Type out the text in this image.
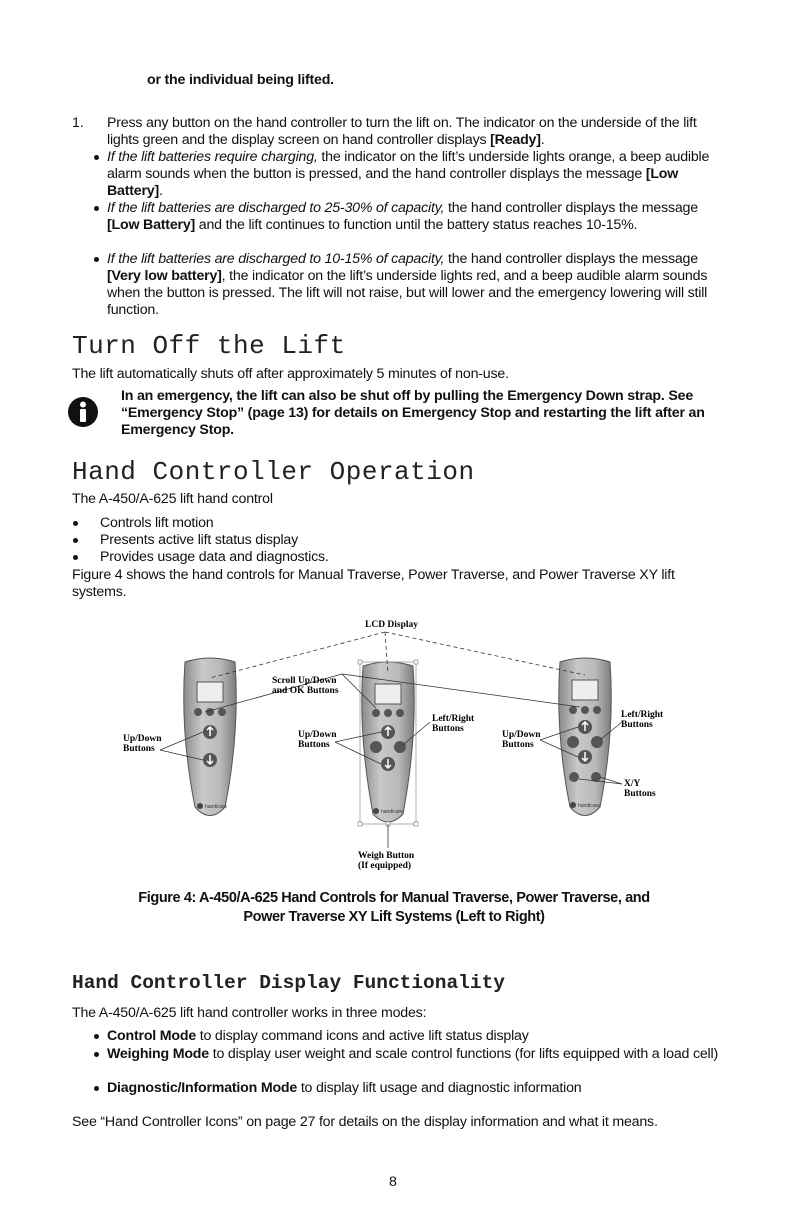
or the individual being lifted.
1. Press any button on the hand controller to turn the lift on. The indicator on the underside of the lift lights green and the display screen on hand controller displays [Ready].
If the lift batteries require charging, the indicator on the lift’s underside lights orange, a beep audible alarm sounds when the button is pressed, and the hand controller displays the message [Low Battery].
If the lift batteries are discharged to 25-30% of capacity, the hand controller displays the message [Low Battery] and the lift continues to function until the battery status reaches 10-15%.
If the lift batteries are discharged to 10-15% of capacity, the hand controller displays the message [Very low battery], the indicator on the lift’s underside lights red, and a beep audible alarm sounds when the button is pressed. The lift will not raise, but will lower and the emergency lowering will still function.
Turn Off the Lift
The lift automatically shuts off after approximately 5 minutes of non-use.
In an emergency, the lift can also be shut off by pulling the Emergency Down strap. See “Emergency Stop” (page 13) for details on Emergency Stop and restarting the lift after an Emergency Stop.
Hand Controller Operation
The A-450/A-625 lift hand control
Controls lift motion
Presents active lift status display
Provides usage data and diagnostics.
Figure 4 shows the hand controls for Manual Traverse, Power Traverse, and Power Traverse XY lift systems.
handicare
handicare
handicare
LCD Display
Scroll Up/Down
and OK Buttons
Up/Down
Buttons
Up/Down
Buttons
Left/Right
Buttons
Up/Down
Buttons
Left/Right
Buttons
X/Y
Buttons
Weigh Button
(If equipped)
Figure 4: A-450/A-625 Hand Controls for Manual Traverse, Power Traverse, and
Power Traverse XY Lift Systems (Left to Right)
Hand Controller Display Functionality
The A-450/A-625 lift hand controller works in three modes:
Control Mode to display command icons and active lift status display
Weighing Mode to display user weight and scale control functions (for lifts equipped with a load cell)
Diagnostic/Information Mode to display lift usage and diagnostic information
See “Hand Controller Icons” on page 27 for details on the display information and what it means.
8
